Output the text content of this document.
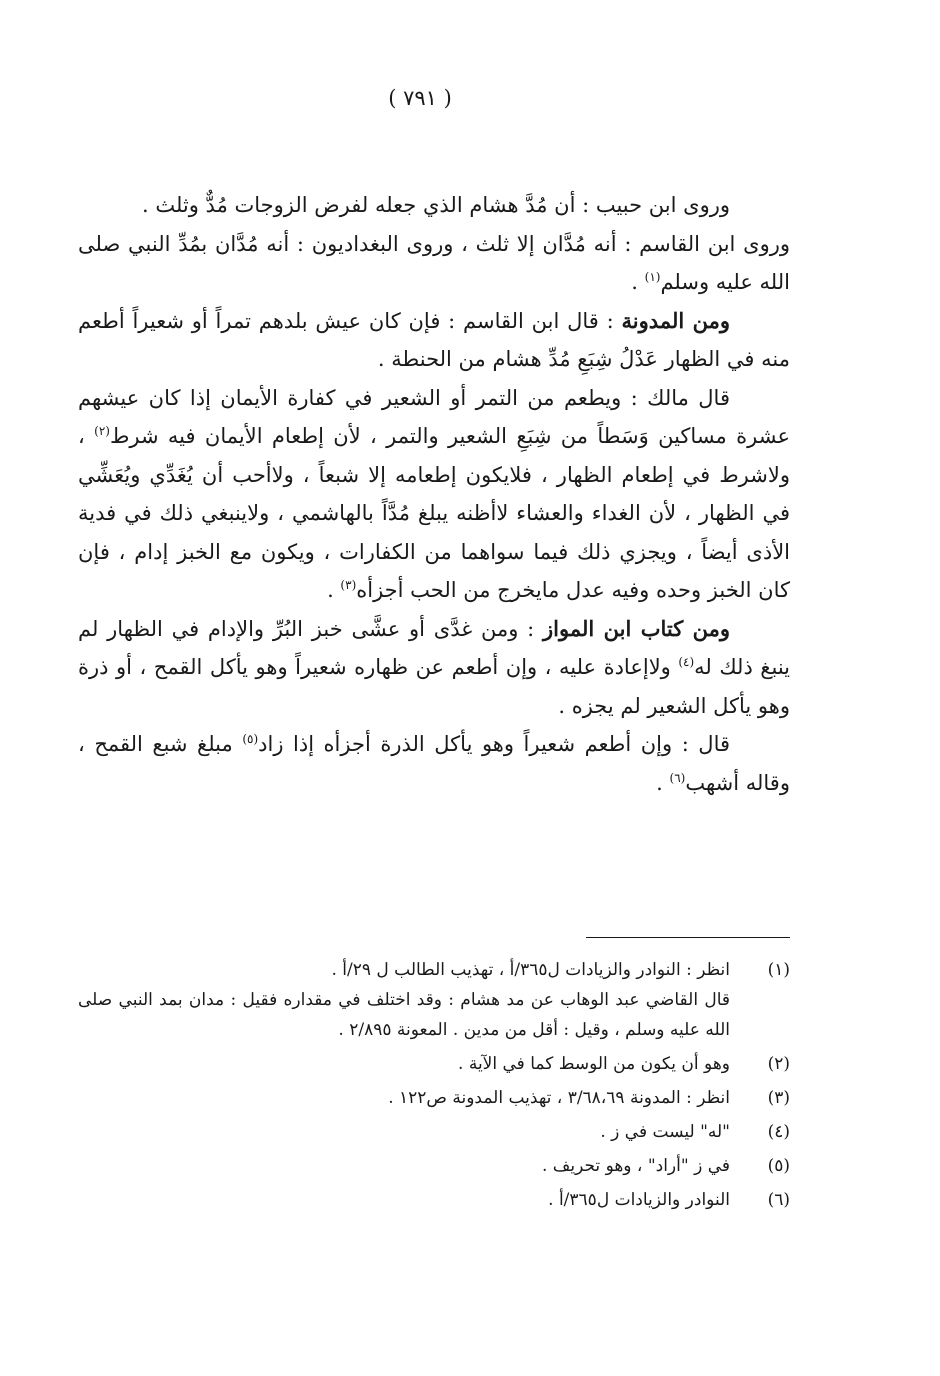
( ٧٩١ )

وروى ابن حبيب : أن مُدَّ هشام الذي جعله لفرض الزوجات مُدٌّ وثلث .

وروى ابن القاسم : أنه مُدَّان إلا ثلث ، وروى البغداديون : أنه مُدَّان بمُدِّ النبي صلى الله عليه وسلم$^{(١)}$ .

ومن المدونة : قال ابن القاسم : فإن كان عيش بلدهم تمراً أو شعيراً أطعم منه في الظهار عَدْلُ شِبَعِ مُدِّ هشام من الحنطة .

قال مالك : ويطعم من التمر أو الشعير في كفارة الأيمان إذا كان عيشهم عشرة مساكين وَسَطاً من شِبَعِ الشعير والتمر ، لأن إطعام الأيمان فيه شرط$^{(٢)}$ ، ولاشرط في إطعام الظهار ، فلايكون إطعامه إلا شبعاً ، ولاأحب أن يُغَدِّي ويُعَشِّي في الظهار ، لأن الغداء والعشاء لاأظنه يبلغ مُدَّاً بالهاشمي ، ولاينبغي ذلك في فدية الأذى أيضاً ، ويجزي ذلك فيما سواهما من الكفارات ، ويكون مع الخبز إدام ، فإن كان الخبز وحده وفيه عدل مايخرج من الحب أجزأه$^{(٣)}$ .

ومن كتاب ابن المواز : ومن غدَّى أو عشَّى خبز البُرِّ والإدام في الظهار لم ينبغ ذلك له$^{(٤)}$ ولاإعادة عليه ، وإن أطعم عن ظهاره شعيراً وهو يأكل القمح ، أو ذرة وهو يأكل الشعير لم يجزه .

قال : وإن أطعم شعيراً وهو يأكل الذرة أجزأه إذا زاد$^{(٥)}$ مبلغ شبع القمح ، وقاله أشهب$^{(٦)}$ .

(١)
انظر : النوادر والزيادات ل٣٦٥/أ ، تهذيب الطالب ل ٢٩/أ .
قال القاضي عبد الوهاب عن مد هشام : وقد اختلف في مقداره فقيل : مدان بمد النبي صلى الله عليه وسلم ، وقيل : أقل من مدين . المعونة ٢/٨٩٥ .
(٢)
وهو أن يكون من الوسط كما في الآية .
(٣)
انظر : المدونة ٣/٦٨،٦٩ ، تهذيب المدونة ص١٢٢ .
(٤)
"له" ليست في ز .
(٥)
في ز "أراد" ، وهو تحريف .
(٦)
النوادر والزيادات ل٣٦٥/أ .
